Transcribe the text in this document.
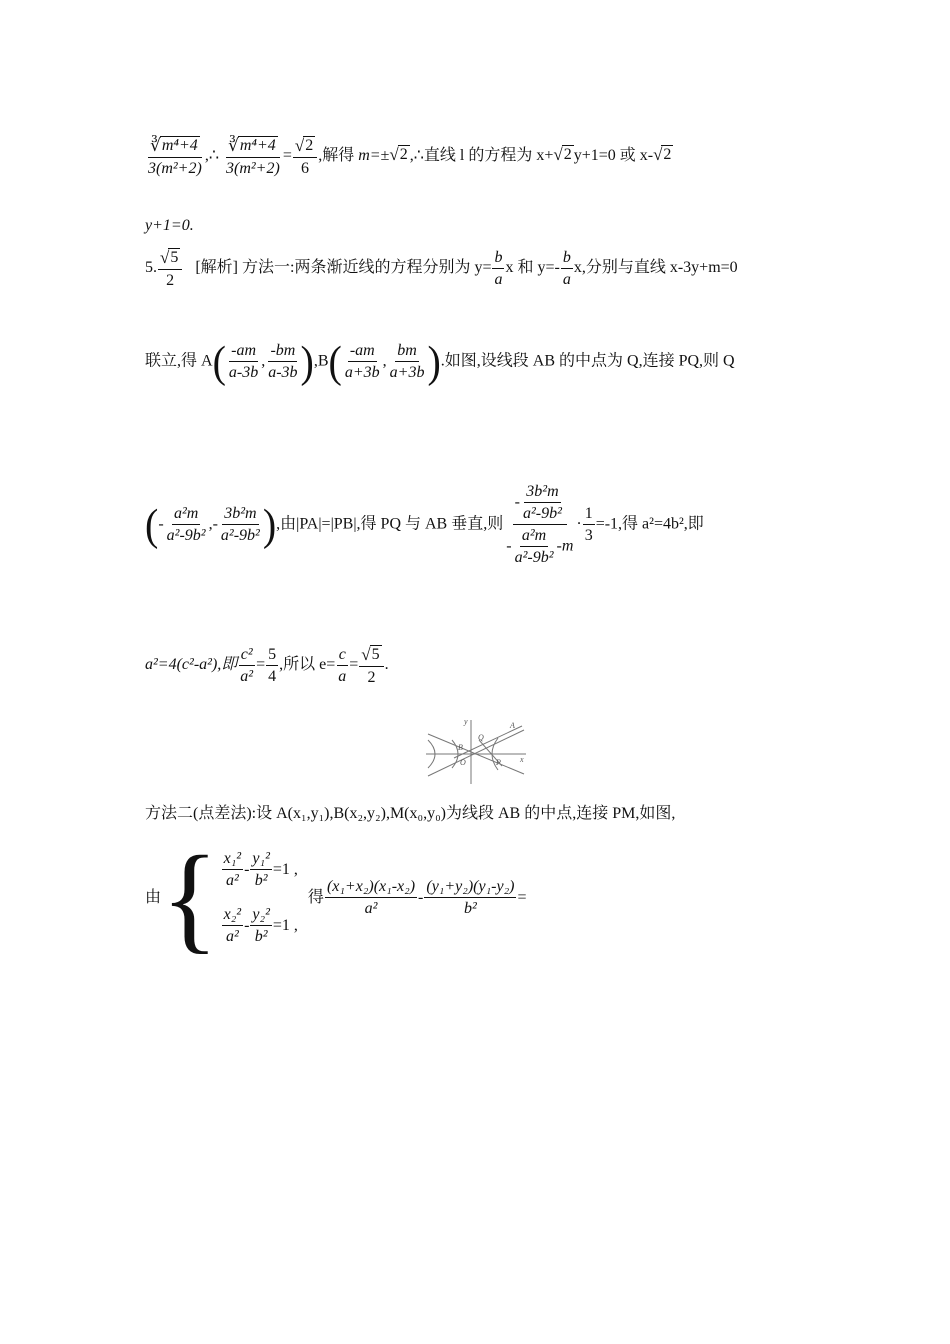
$\frac{\text{∛ m⁴+4}}{\text{3(m²+2)}}$ ,∴ $\frac{\text{∛ m⁴+4}}{\text{3(m²+2)}} = \frac{√ 2}{6}$ ,解得 m=± √ 2 ,∴直线 l 的方程为 x+ √ 2 y+1=0 或 x- √ 2
y+1=0.
5. $\frac{√ 5}{2}$ [解析] 方法一:两条渐近线的方程分别为 $y= \frac{b}{a}$ x 和 $y=- \frac{b}{a} x$,分别与直线 x-3y+m=0
联立,得 $A( \frac{-am}{a-3b}$ , $\frac{-bm}{a-3b} ),B( \frac{-am}{a+3b}$ , $\frac{bm}{a+3b}$ ).如图,设线段 AB 的中点为 Q,连接 PQ,则 Q
(- $\frac{\text{a²m}}{\text{a²-9b²}}$ ,- $\frac{\text{3b²m}}{\text{a²-9b²}}$ ),由|PA|=|PB|,得 PQ 与 AB 垂直,则 $\frac{- \frac{\text{3b²m}}{\text{a²-9b²}}}{- \frac{\text{a²m}}{\text{a²-9b²}} -m} \cdot \frac{1}{3} =-1$,得 a²=4b²,即
a²=4(c²-a²),即 $\frac{\text{c²}}{\text{a²}} = \frac{5}{4}$ ,所以 $e= \frac{c}{a} = \frac{√ 5}{2}$ .
y	A
Q
B
O	P x
方法二(点差法):设 A(x₁,y₁),B(x₂,y₂),M(x₀,y₀)为线段 AB 的中点,连接 PM,如图,
由 { $\frac{\text{x₁²}}{\text{a²}} - \frac{\text{y₁²}}{\text{b²}} =1$ ,
$\frac{\text{x₂²}}{\text{a²}} - \frac{\text{y₂²}}{\text{b²}} =1$ ,
得 $\frac{\text{(x₁+x₂)(x₁-x₂)}}{\text{a²}} - \frac{\text{(y₁+y₂)(y₁-y₂)}}{\text{b²}}$ =
